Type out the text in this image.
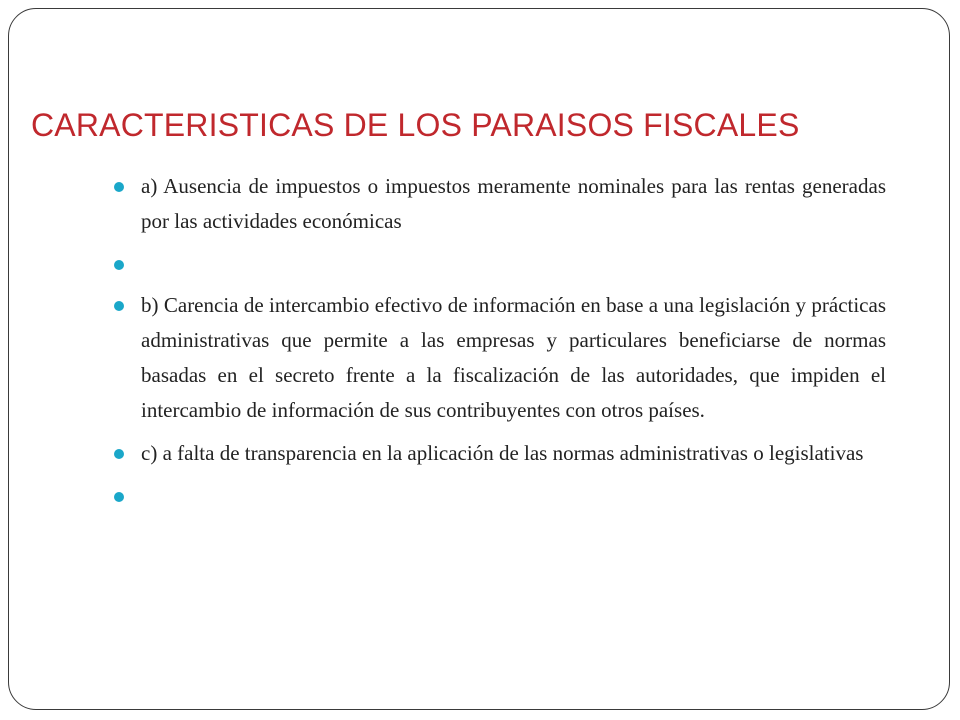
CARACTERISTICAS DE LOS PARAISOS FISCALES
a) Ausencia de impuestos o impuestos meramente nominales para las rentas generadas por las actividades económicas
b) Carencia de intercambio efectivo de información en base a una legislación y prácticas administrativas que permite a las empresas y particulares beneficiarse de normas basadas en el secreto frente a la fiscalización de las autoridades, que impiden el intercambio de información de sus contribuyentes con otros países.
c) a falta de transparencia en la aplicación de las normas administrativas o legislativas
